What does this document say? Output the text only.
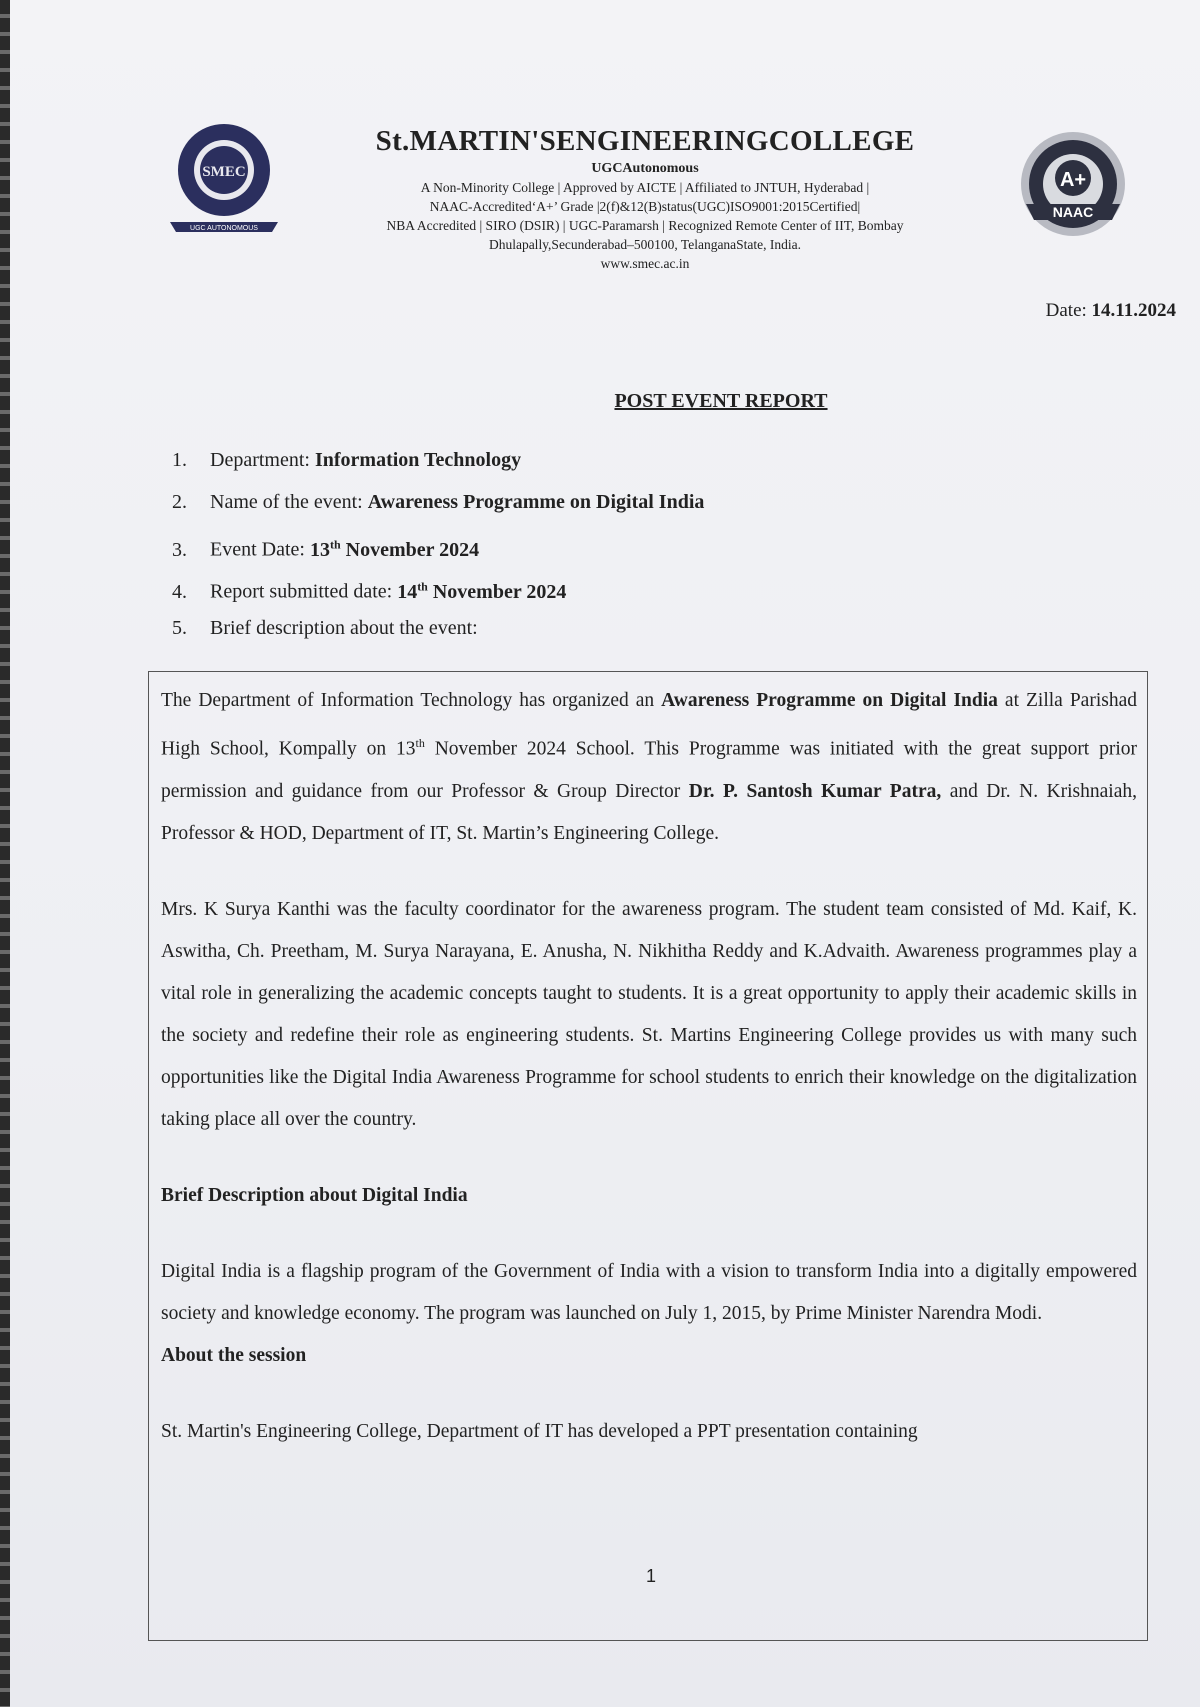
SMEC
UGC AUTONOMOUS
A+
NAAC
St.MARTIN'SENGINEERINGCOLLEGE
UGCAutonomous
A Non-Minority College | Approved by AICTE | Affiliated to JNTUH, Hyderabad |
NAAC-Accredited‘A+’ Grade |2(f)&12(B)status(UGC)ISO9001:2015Certified|
NBA Accredited | SIRO (DSIR) | UGC-Paramarsh | Recognized Remote Center of IIT, Bombay
Dhulapally,Secunderabad–500100, TelanganaState, India.
www.smec.ac.in
Date: 14.11.2024
POST EVENT REPORT
1. Department: Information Technology
2. Name of the event: Awareness Programme on Digital India
3. Event Date: 13th November 2024
4. Report submitted date: 14th November 2024
5. Brief description about the event:

The Department of Information Technology has organized an Awareness Programme on Digital India at Zilla Parishad High School, Kompally on 13th November 2024 School. This Programme was initiated with the great support prior permission and guidance from our Professor & Group Director Dr. P. Santosh Kumar Patra, and Dr. N. Krishnaiah, Professor & HOD, Department of IT, St. Martin’s Engineering College.

Mrs. K Surya Kanthi was the faculty coordinator for the awareness program. The student team consisted of Md. Kaif, K. Aswitha, Ch. Preetham, M. Surya Narayana, E. Anusha, N. Nikhitha Reddy and K.Advaith. Awareness programmes play a vital role in generalizing the academic concepts taught to students. It is a great opportunity to apply their academic skills in the society and redefine their role as engineering students. St. Martins Engineering College provides us with many such opportunities like the Digital India Awareness Programme for school students to enrich their knowledge on the digitalization taking place all over the country.

Brief Description about Digital India

Digital India is a flagship program of the Government of India with a vision to transform India into a digitally empowered society and knowledge economy. The program was launched on July 1, 2015, by Prime Minister Narendra Modi.

About the session

St. Martin's Engineering College, Department of IT has developed a PPT presentation containing

1
